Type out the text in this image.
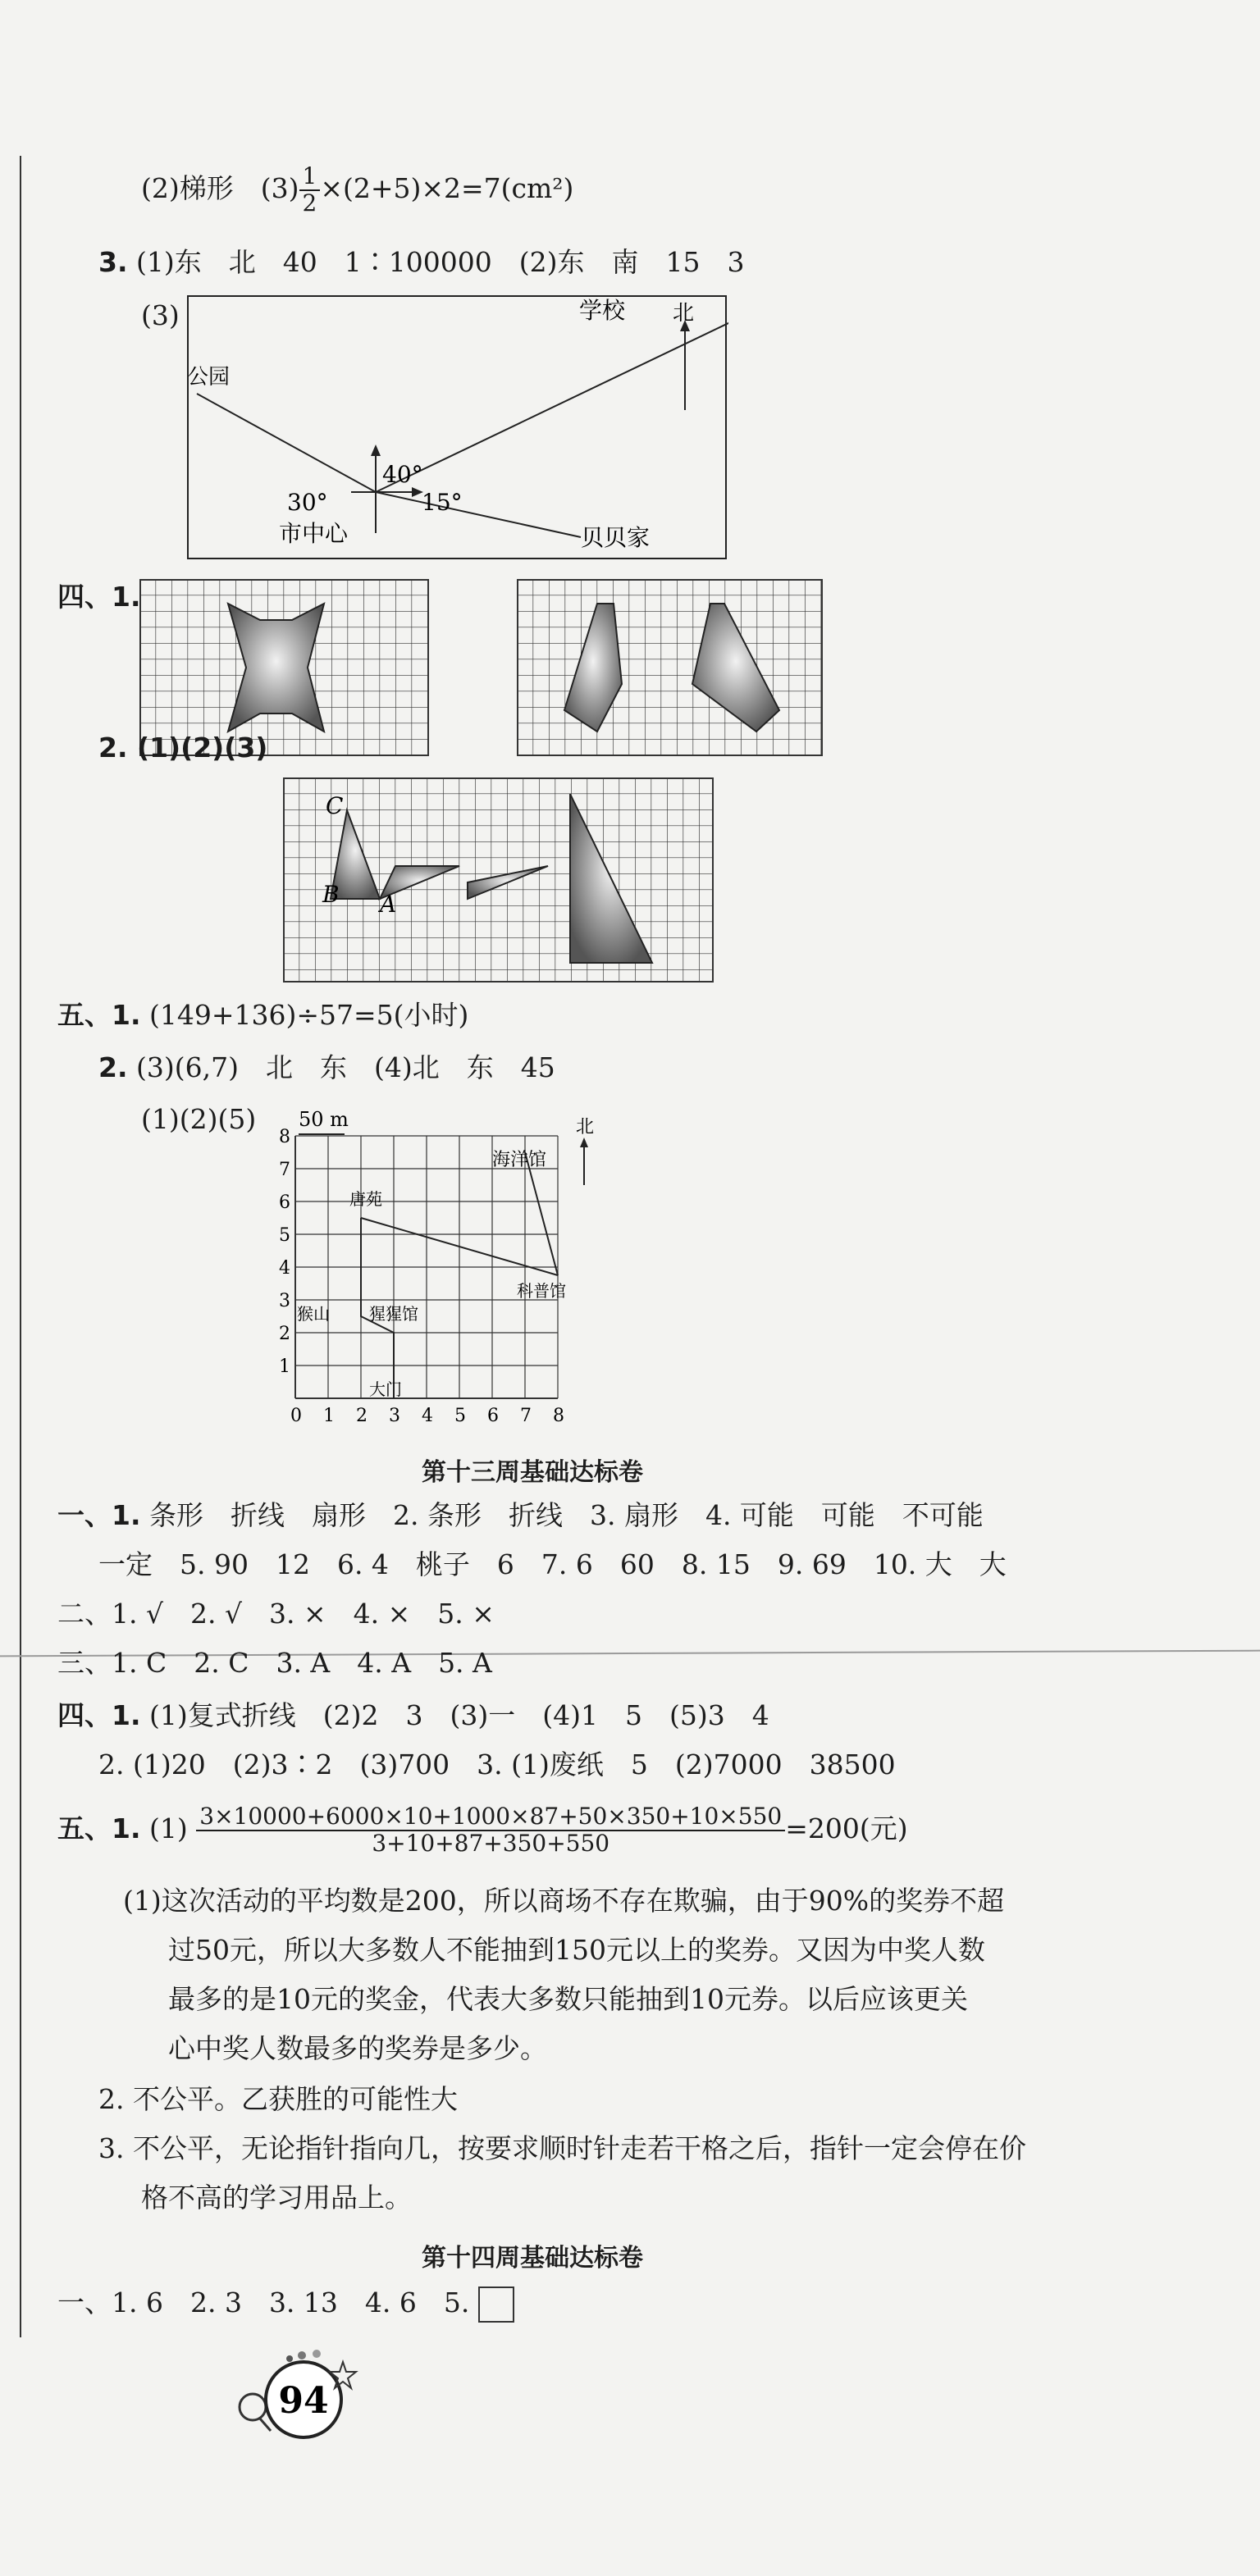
(2)梯形　$(3) \frac{1}{2} \times(2+5)\times 2=7(cm^2)$
3. (1)东　北　40　1∶100000　(2)东　南　15　3
(3)	学校 北
公园
30°
40°
15°
市中心	贝贝家
四、1.
2. (1)(2)(3)
C
B A
五、1. (149+136)÷57=5(小时)
2. (3)(6,7)　北　东　(4)北　东　45
(1)(2)(5) 50 m	北
海洋馆
唐苑
科普馆
猴山 猩猩馆
大门
0 1 2 3 4 5 6 7 8
1
2
3
4
5
6
7
8
第十三周基础达标卷
一、1. 条形　折线　扇形　2. 条形　折线　3. 扇形　4. 可能　可能　不可能
一定　5. 90　12　6. 4　桃子　6　7. 6　60　8. 15　9. 69　10. 大　大
二、1. √　2. √　3. ×　4. ×　5. ×
三、1. C　2. C　3. A　4. A　5. A
四、1. (1)复式折线　(2)2　3　(3)一　(4)1　5　(5)3　4
2. (1)20　(2)3∶2　(3)700　3. (1)废纸　5　(2)7000　38500
五、1. $(1) \frac{3\times 10000+6000\times 10+1000\times 87+50\times 350+10\times 550}{3+10+87+350+550} =200$(元)
(1)这次活动的平均数是200，所以商场不存在欺骗，由于90%的奖券不超
过50元，所以大多数人不能抽到150元以上的奖券。又因为中奖人数
最多的是10元的奖金，代表大多数只能抽到10元券。以后应该更关
心中奖人数最多的奖券是多少。
2. 不公平。乙获胜的可能性大
3. 不公平，无论指针指向几，按要求顺时针走若干格之后，指针一定会停在价
格不高的学习用品上。
第十四周基础达标卷
一、1. 6　2. 3　3. 13　4. 6　5.
94
